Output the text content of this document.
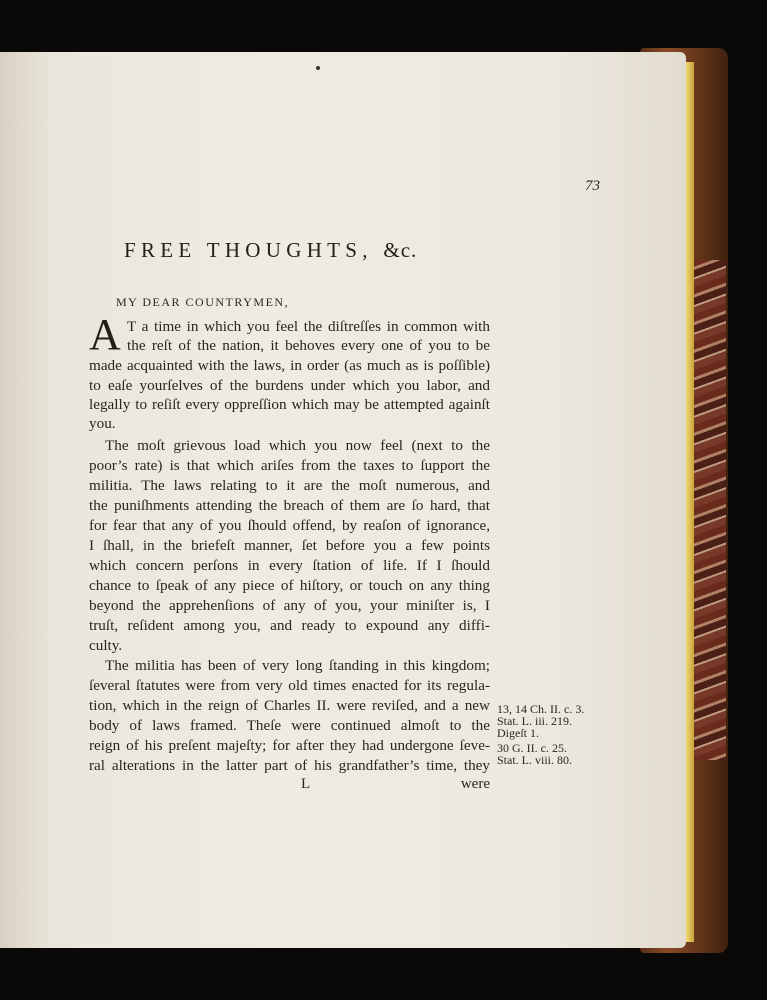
73
FREE THOUGHTS, &c.
MY DEAR COUNTRYMEN,
A T a time in which you feel the diſtreſſes in common with
the reſt of the nation, it behoves every one of you to be
made acquainted with the laws, in order (as much as is poſſible)
to eaſe yourſelves of the burdens under which you labor, and
legally to reſiſt every oppreſſion which may be attempted againſt
you.
The moſt grievous load which you now feel (next to the
poor’s rate) is that which ariſes from the taxes to ſupport the
militia. The laws relating to it are the moſt numerous, and
the puniſhments attending the breach of them are ſo hard, that
for fear that any of you ſhould offend, by reaſon of ignorance,
I ſhall, in the briefeſt manner, ſet before you a few points
which concern perſons in every ſtation of life. If I ſhould
chance to ſpeak of any piece of hiſtory, or touch on any thing
beyond the apprehenſions of any of you, your miniſter is, I
truſt, reſident among you, and ready to expound any diffi-
culty.
The militia has been of very long ſtanding in this kingdom;
ſeveral ſtatutes were from very old times enacted for its regula-
tion, which in the reign of Charles II. were reviſed, and a new
body of laws framed. Theſe were continued almoſt to the
reign of his preſent majeſty; for after they had undergone ſeve-
ral alterations in the latter part of his grandfather’s time, they
13, 14 Ch. II. c. 3.
Stat. L. iii. 219.
Digeſt 1.
30 G. II. c. 25.
Stat. L. viii. 80.
L	were
